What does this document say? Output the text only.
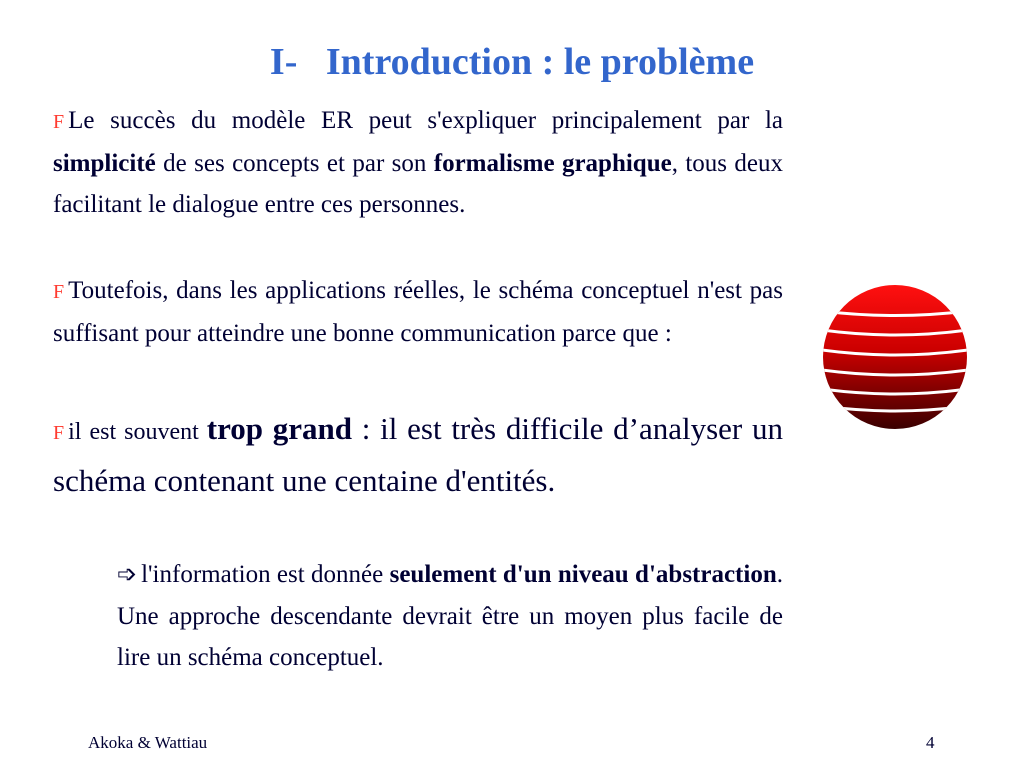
I-   Introduction : le problème
F Le succès du modèle ER peut s'expliquer principalement par la simplicité de ses concepts et par son formalisme graphique, tous deux facilitant le dialogue entre ces personnes.
F Toutefois, dans les applications réelles, le schéma conceptuel n'est pas suffisant pour atteindre une bonne communication parce que :
F il est souvent trop grand : il est très difficile d’analyser un schéma contenant une centaine d'entités.
➩ l'information est donnée seulement d'un niveau d'abstraction. Une approche descendante devrait être un moyen plus facile de lire un schéma conceptuel.
Akoka & Wattiau	4
